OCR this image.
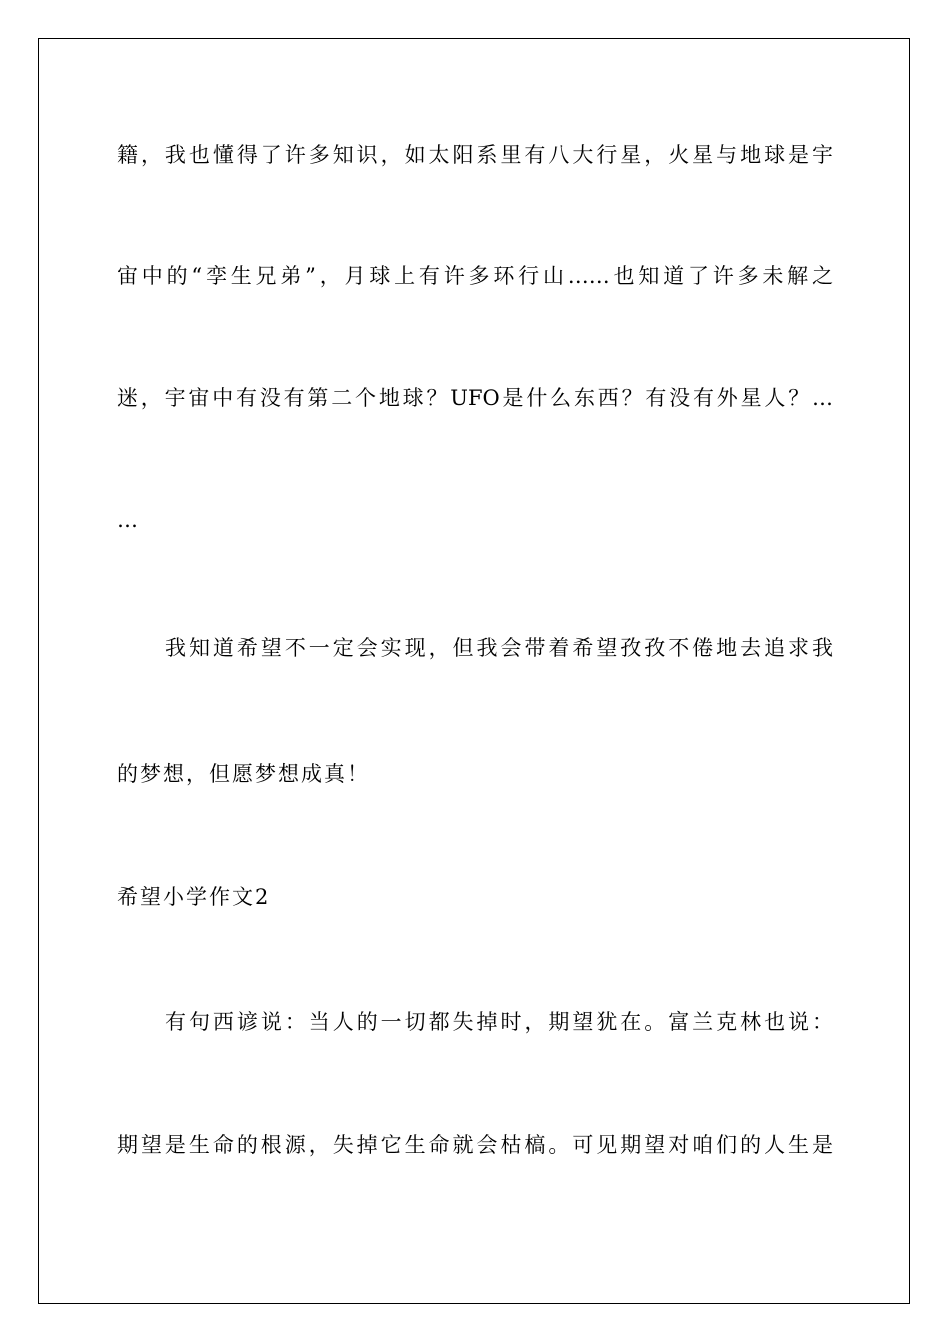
籍，我也懂得了许多知识，如太阳系里有八大行星，火星与地球是宇
宙中的“孪生兄弟”，月球上有许多环行山……也知道了许多未解之
迷，宇宙中有没有第二个地球？UFO是什么东西？有没有外星人？…
…
我知道希望不一定会实现，但我会带着希望孜孜不倦地去追求我
的梦想，但愿梦想成真！
希望小学作文2
有句西谚说：当人的一切都失掉时，期望犹在。富兰克林也说：
期望是生命的根源，失掉它生命就会枯槁。可见期望对咱们的人生是
